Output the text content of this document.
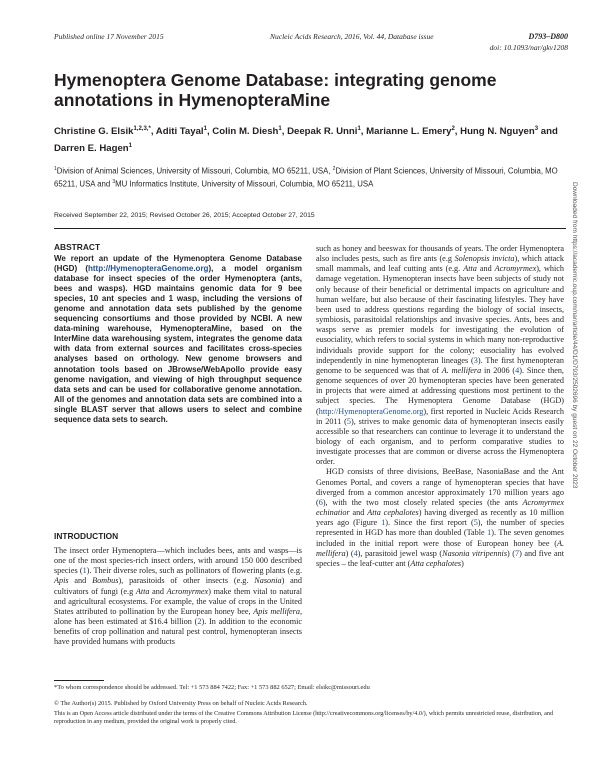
Published online 17 November 2015	Nucleic Acids Research, 2016, Vol. 44, Database issue	D793–D800
doi: 10.1093/nar/gkv1208
Hymenoptera Genome Database: integrating genome annotations in HymenopteraMine
Christine G. Elsik$^{1,2,3,*}$, Aditi Tayal$^1$, Colin M. Diesh$^1$, Deepak R. Unni$^1$, Marianne L. Emery$^2$, Hung N. Nguyen$^3$ and Darren E. Hagen$^1$
$^1$Division of Animal Sciences, University of Missouri, Columbia, MO 65211, USA, $^2$Division of Plant Sciences, University of Missouri, Columbia, MO 65211, USA and $^3$MU Informatics Institute, University of Missouri, Columbia, MO 65211, USA
Received September 22, 2015; Revised October 26, 2015; Accepted October 27, 2015
ABSTRACT
We report an update of the Hymenoptera Genome Database (HGD) (http://HymenopteraGenome.org), a model organism database for insect species of the order Hymenoptera (ants, bees and wasps). HGD maintains genomic data for 9 bee species, 10 ant species and 1 wasp, including the versions of genome and annotation data sets published by the genome sequencing consortiums and those provided by NCBI. A new data-mining warehouse, HymenopteraMine, based on the InterMine data warehousing system, integrates the genome data with data from external sources and facilitates cross-species analyses based on orthology. New genome browsers and annotation tools based on JBrowse/WebApollo provide easy genome navigation, and viewing of high throughput sequence data sets and can be used for collaborative genome annotation. All of the genomes and annotation data sets are combined into a single BLAST server that allows users to select and combine sequence data sets to search.
INTRODUCTION
The insect order Hymenoptera—which includes bees, ants and wasps—is one of the most species-rich insect orders, with around 150 000 described species (1). Their diverse roles, such as pollinators of flowering plants (e.g. Apis and Bombus), parasitoids of other insects (e.g. Nasonia) and cultivators of fungi (e.g Atta and Acromyrmex) make them vital to natural and agricultural ecosystems. For example, the value of crops in the United States attributed to pollination by the European honey bee, Apis mellifera, alone has been estimated at $16.4 billion (2). In addition to the economic benefits of crop pollination and natural pest control, hymenopteran insects have provided humans with products
such as honey and beeswax for thousands of years. The order Hymenoptera also includes pests, such as fire ants (e.g Solenopsis invicta), which attack small mammals, and leaf cutting ants (e.g. Atta and Acromyrmex), which damage vegetation. Hymenopteran insects have been subjects of study not only because of their beneficial or detrimental impacts on agriculture and human welfare, but also because of their fascinating lifestyles. They have been used to address questions regarding the biology of social insects, symbiosis, parasitoidal relationships and invasive species. Ants, bees and wasps serve as premier models for investigating the evolution of eusociality, which refers to social systems in which many non-reproductive individuals provide support for the colony; eusociality has evolved independently in nine hymenopteran lineages (3). The first hymenopteran genome to be sequenced was that of A. mellifera in 2006 (4). Since then, genome sequences of over 20 hymenopteran species have been generated in projects that were aimed at addressing questions most pertinent to the subject species. The Hymenoptera Genome Database (HGD) (http://HymenopteraGenome.org), first reported in Nucleic Acids Research in 2011 (5), strives to make genomic data of hymenopteran insects easily accessible so that researchers can continue to leverage it to understand the biology of each organism, and to perform comparative studies to investigate processes that are common or diverse across the Hymenoptera order.
HGD consists of three divisions, BeeBase, NasoniaBase and the Ant Genomes Portal, and covers a range of hymenopteran species that have diverged from a common ancestor approximately 170 million years ago (6), with the two most closely related species (the ants Acromyrmex echinatior and Atta cephalotes) having diverged as recently as 10 million years ago (Figure 1). Since the first report (5), the number of species represented in HGD has more than doubled (Table 1). The seven genomes included in the initial report were those of European honey bee (A. mellifera) (4), parasitoid jewel wasp (Nasonia vitripennis) (7) and five ant species – the leaf-cutter ant (Atta cephalotes)
*To whom correspondence should be addressed. Tel: +1 573 884 7422; Fax: +1 573 882 6527; Email: elsikc@missouri.edu
© The Author(s) 2015. Published by Oxford University Press on behalf of Nucleic Acids Research.
This is an Open Access article distributed under the terms of the Creative Commons Attribution License (http://creativecommons.org/licenses/by/4.0/), which permits unrestricted reuse, distribution, and reproduction in any medium, provided the original work is properly cited.
Downloaded from https://academic.oup.com/nar/article/44/D1/D793/2502696 by guest on 22 October 2023
